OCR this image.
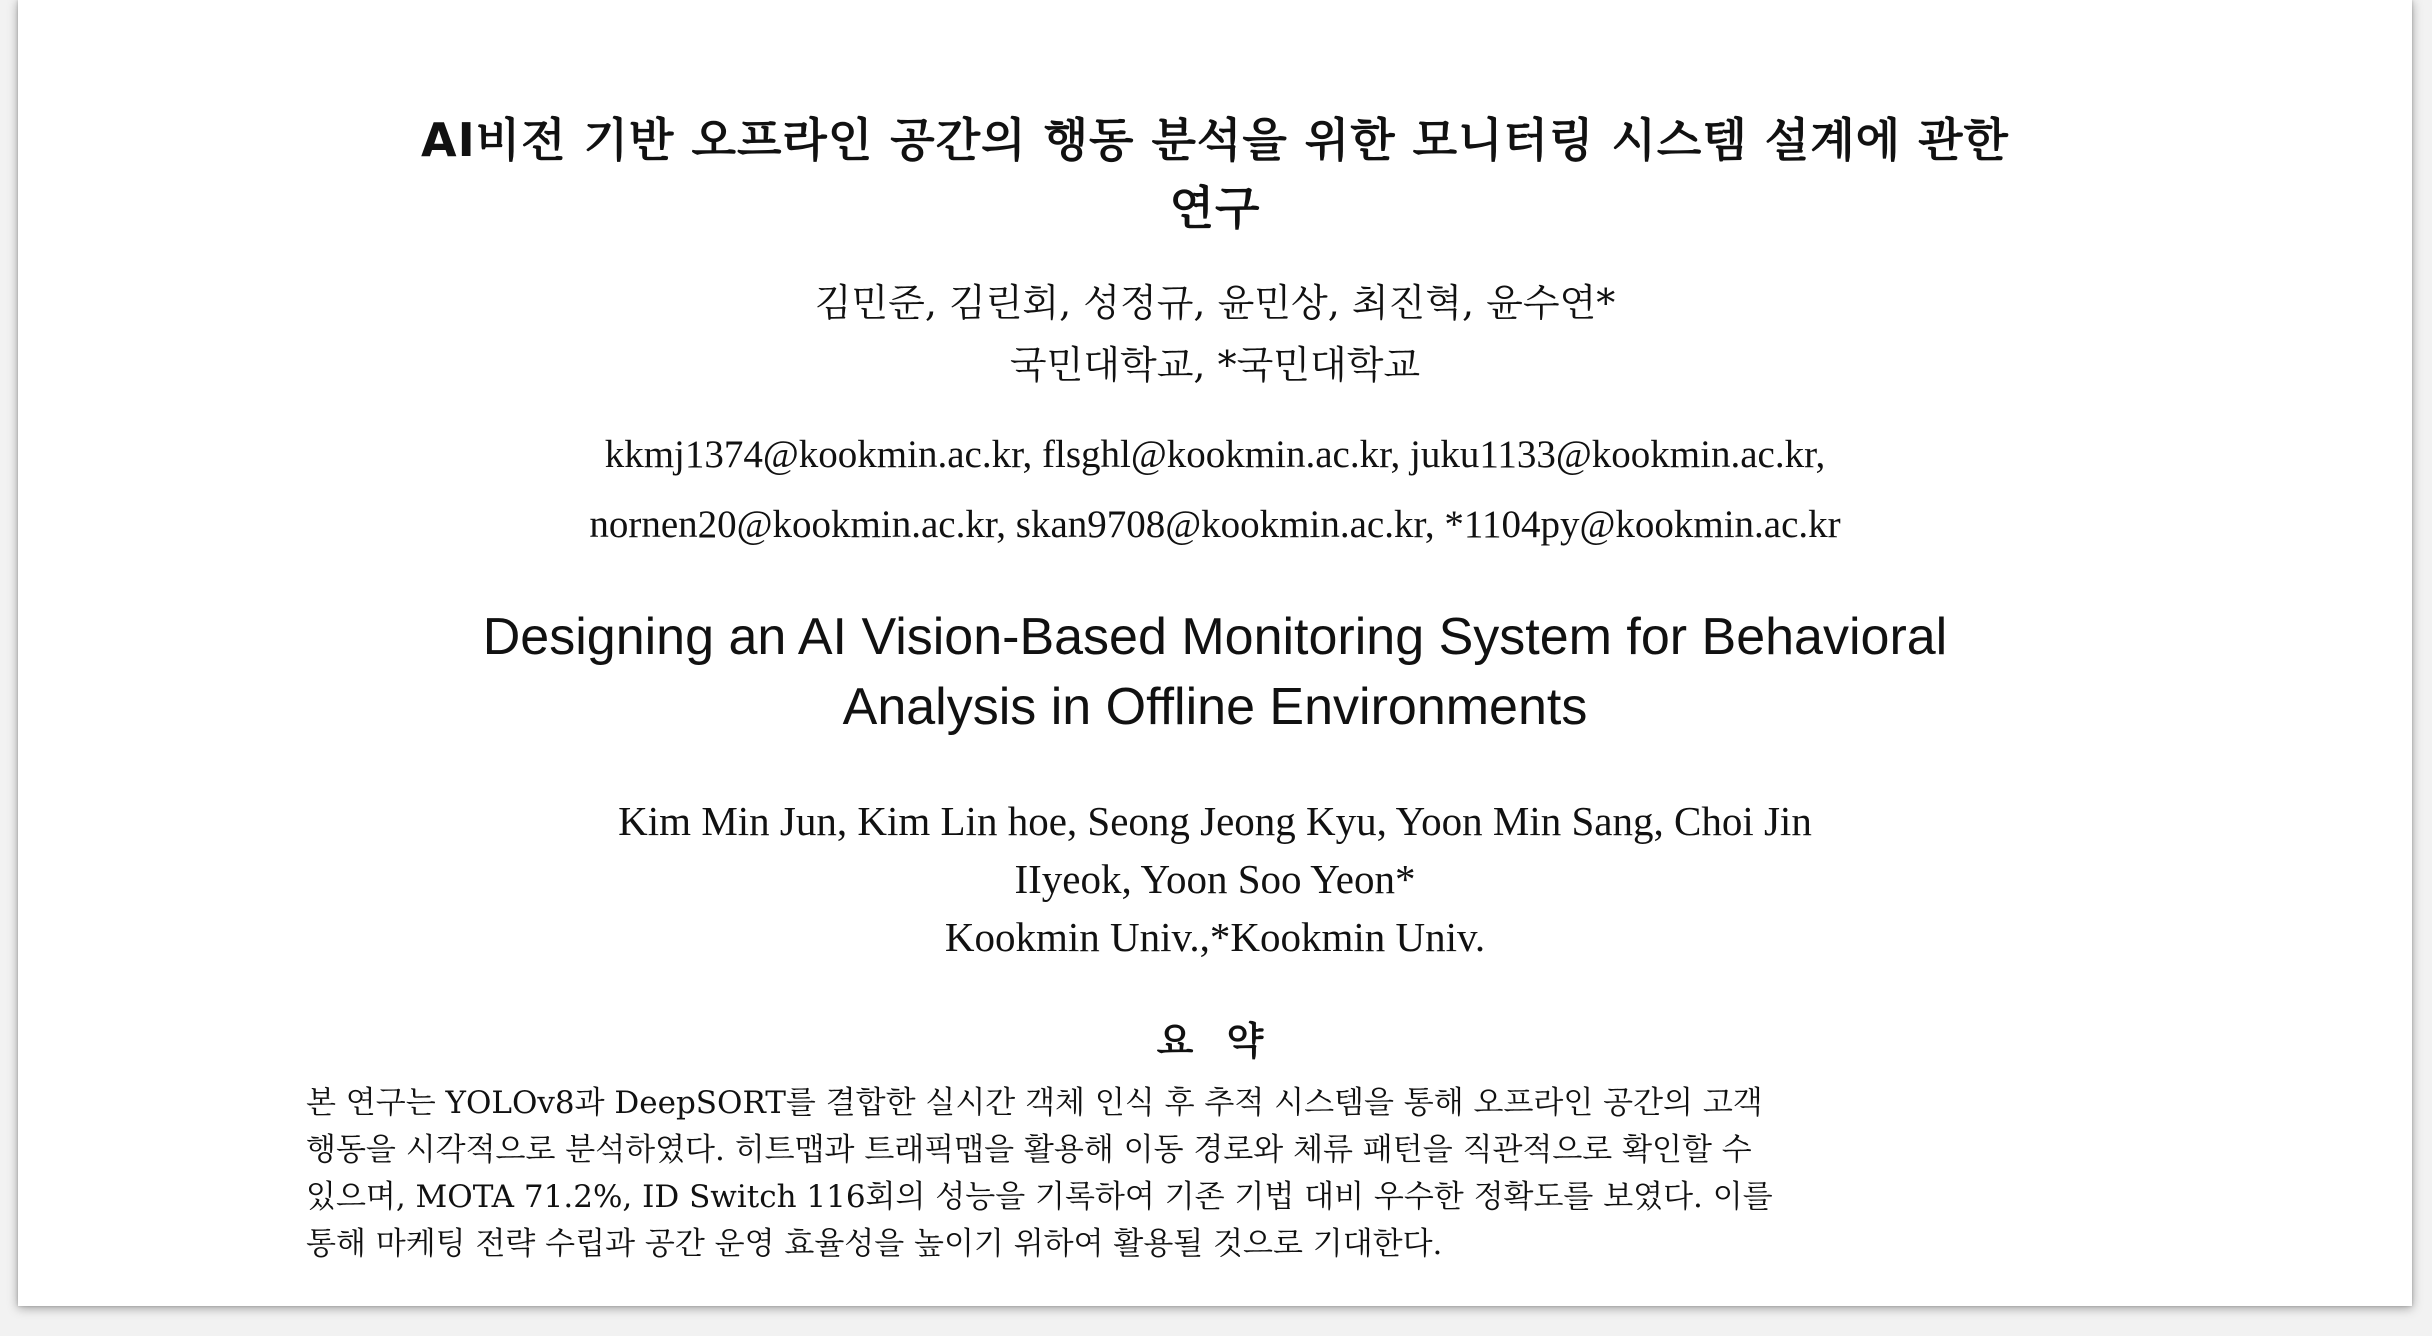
AI비전 기반 오프라인 공간의 행동 분석을 위한 모니터링 시스템 설계에 관한
연구
김민준, 김린회, 성정규, 윤민상, 최진혁, 윤수연*
국민대학교, *국민대학교
kkmj1374@kookmin.ac.kr, flsghl@kookmin.ac.kr, juku1133@kookmin.ac.kr,
nornen20@kookmin.ac.kr, skan9708@kookmin.ac.kr, *1104py@kookmin.ac.kr
Designing an AI Vision-Based Monitoring System for Behavioral
Analysis in Offline Environments
Kim Min Jun, Kim Lin hoe, Seong Jeong Kyu, Yoon Min Sang, Choi Jin
IIyeok, Yoon Soo Yeon*
Kookmin Univ.,*Kookmin Univ.
요 약
본 연구는 YOLOv8과 DeepSORT를 결합한 실시간 객체 인식 후 추적 시스템을 통해 오프라인 공간의 고객
행동을 시각적으로 분석하였다. 히트맵과 트래픽맵을 활용해 이동 경로와 체류 패턴을 직관적으로 확인할 수
있으며, MOTA 71.2%, ID Switch 116회의 성능을 기록하여 기존 기법 대비 우수한 정확도를 보였다. 이를
통해 마케팅 전략 수립과 공간 운영 효율성을 높이기 위하여 활용될 것으로 기대한다.
